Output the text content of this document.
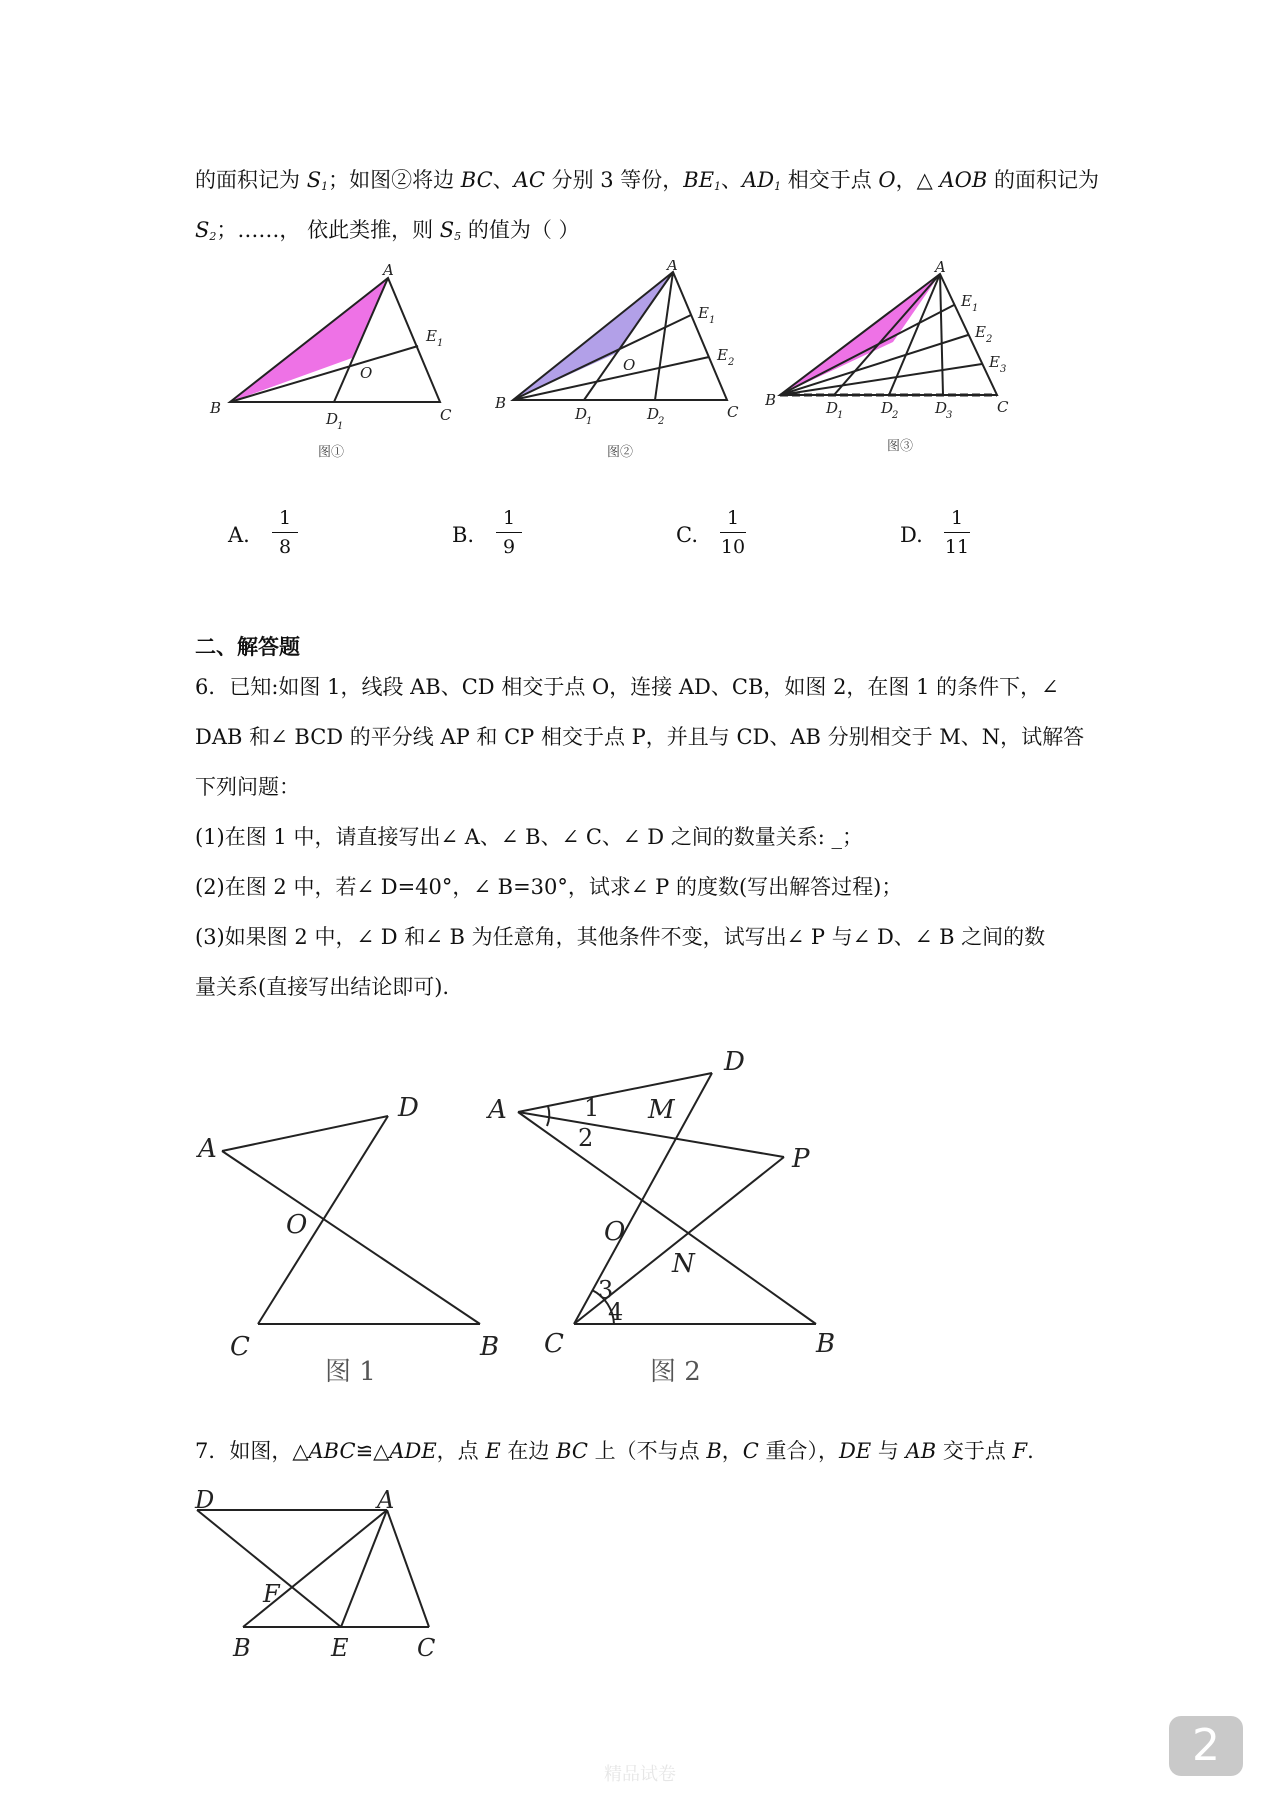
的面积记为 $S_1$；如图②将边 BC、AC 分别 3 等份，$BE_1$、$AD_1$ 相交于点 O，△ AOB 的面积记为
$S_2$；……， 依此类推，则 $S_5$ 的值为（ ）
A
B	C
O
D
1
E 1
图①
A
B	C
O
D
1	D
2
E 1
E 2
图②
A
B	C
D
1	D
2 D
3
E 1
E 2
E 3
图③
A.
1
8	B.
1
9	C.
1
10	D.
1
11
二、解答题
6．已知:如图 1，线段 AB、CD 相交于点 O，连接 AD、CB，如图 2，在图 1 的条件下，∠
DAB 和∠ BCD 的平分线 AP 和 CP 相交于点 P，并且与 CD、AB 分别相交于 M、N，试解答
下列问题：
(1)在图 1 中，请直接写出∠ A、∠ B、∠ C、∠ D 之间的数量关系: _；
(2)在图 2 中，若∠ D=40°，∠ B=30°，试求∠ P 的度数(写出解答过程)；
(3)如果图 2 中，∠ D 和∠ B 为任意角，其他条件不变，试写出∠ P 与∠ D、∠ B 之间的数
量关系(直接写出结论即可).
A
D
O
C	B
图 1
A
D
1
2
M
P
O
N
3
4
C	B
图 2
7．如图，△ABC≌△ADE，点 E 在边 BC 上（不与点 B，C 重合），DE 与 AB 交于点 F.
D	A
F
B	E	C
2
精品试卷
